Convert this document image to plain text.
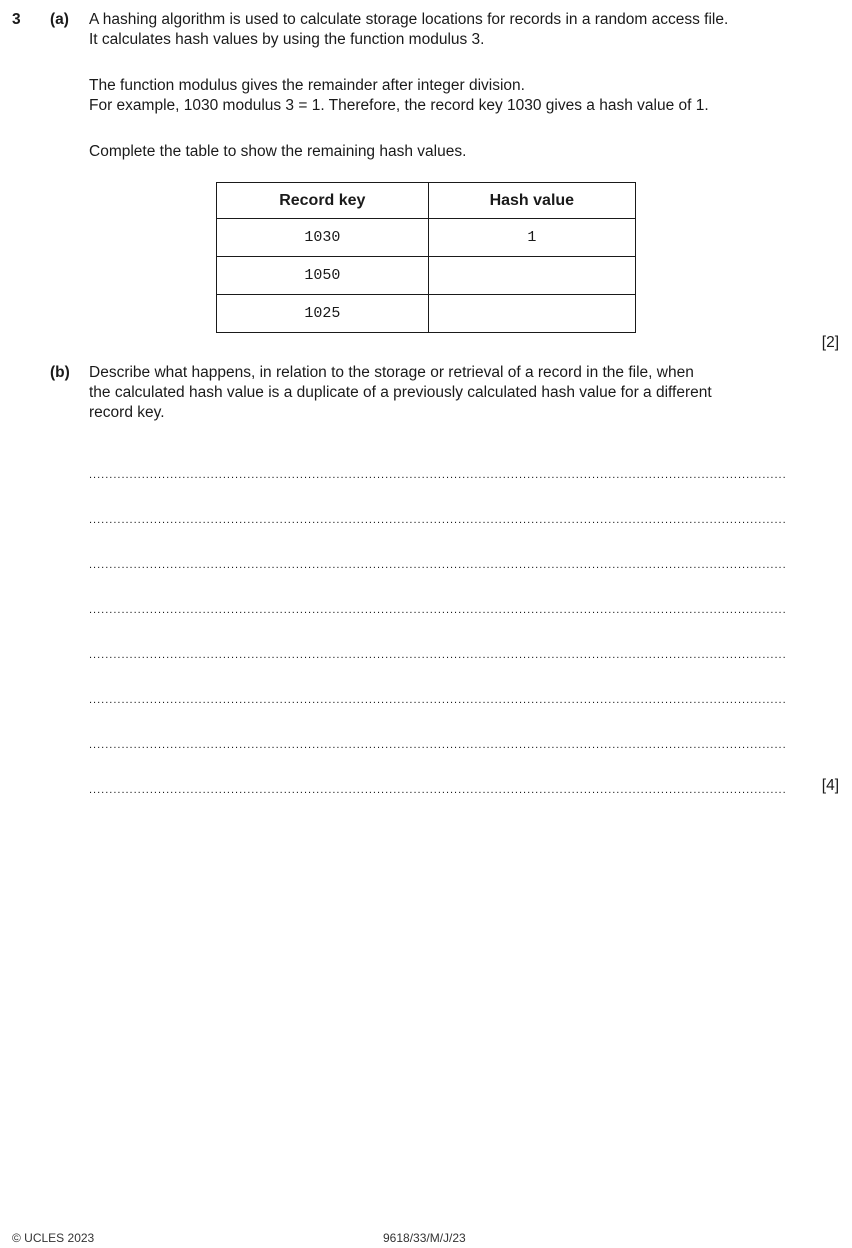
3 (a) A hashing algorithm is used to calculate storage locations for records in a random access file.
It calculates hash values by using the function modulus 3.
The function modulus gives the remainder after integer division.
For example, 1030 modulus 3 = 1. Therefore, the record key 1030 gives a hash value of 1.
Complete the table to show the remaining hash values.
Record key	Hash value
1030	1
1050	
1025	
[2]
(b) Describe what happens, in relation to the storage or retrieval of a record in the file, when
the calculated hash value is a duplicate of a previously calculated hash value for a different
record key.
............................................................................................................................................................................
............................................................................................................................................................................
............................................................................................................................................................................
............................................................................................................................................................................
............................................................................................................................................................................
............................................................................................................................................................................
............................................................................................................................................................................
............................................................................................................................................................................	[4]
© UCLES 2023	9618/33/M/J/23
